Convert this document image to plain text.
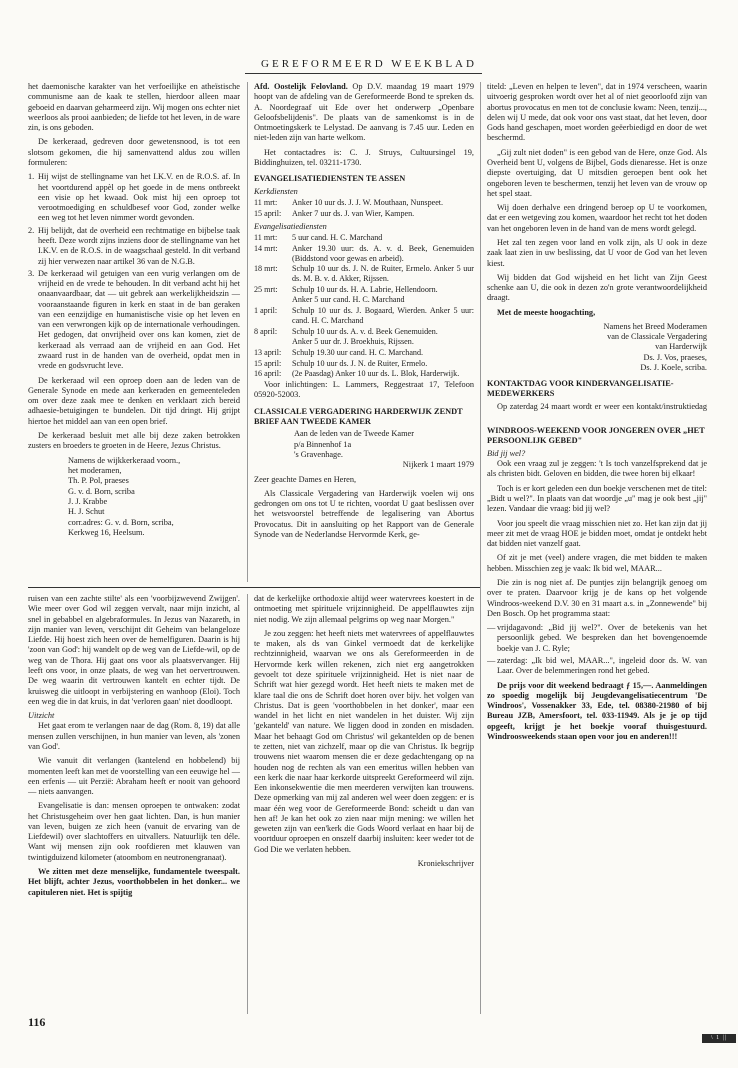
GEREFORMEERD WEEKBLAD

het daemonische karakter van het verfoeilijke en atheïstische communisme aan de kaak te stellen, hierdoor alleen maar geboeid en daarvan geharmeerd zijn. Wij mogen ons echter niet weerloos als prooi aanbieden; de liefde tot het leven, in de ware zin, is ons geboden.

De kerkeraad, gedreven door gewetensnood, is tot een slotsom gekomen, die hij samenvattend aldus zou willen formuleren:

1. Hij wijst de stellingname van het I.K.V. en de R.O.S. af. In het voortdurend appèl op het goede in de mens ontbreekt een visie op het kwaad. Ook mist hij een oproep tot verootmoediging en schuldbesef voor God, zonder welke een weg tot het leven nimmer wordt gevonden.
2. Hij belijdt, dat de overheid een rechtmatige en bijbelse taak heeft. Deze wordt zijns inziens door de stellingname van het I.K.V. en de R.O.S. in de waagschaal gesteld. In dit verband zij hier verwezen naar artikel 36 van de N.G.B.
3. De kerkeraad wil getuigen van een vurig verlangen om de vrijheid en de vrede te behouden. In dit verband acht hij het onaanvaardbaar, dat — uit gebrek aan werkelijkheidszin — vooraanstaande figuren in kerk en staat in de ban geraken van een eenzijdige en humanistische visie op het leven en van een verwrongen kijk op de internationale verhoudingen. Het gedogen, dat onvrijheid over ons kan komen, ziet de kerkeraad als verraad aan de vrijheid en aan God. Het zwaard rust in de handen van de overheid, opdat men in vrede en godsvrucht leve.

De kerkeraad wil een oproep doen aan de leden van de Generale Synode en mede aan kerkeraden en gemeenteleden om over deze zaak mee te denken en verklaart zich bereid adhaesie-betuigingen te bundelen. Dit tijd dringt. Hij grijpt hiertoe het middel aan van een open brief.

De kerkeraad besluit met alle bij deze zaken betrokken zusters en broeders te groeten in de Heere, Jezus Christus.

Namens de wijkkerkeraad voorn.,
het moderamen,
Th. P. Pol, praeses
G. v. d. Born, scriba
J. J. Krabbe
H. J. Schut
corr.adres: G. v. d. Born, scriba,
Kerkweg 16, Heelsum.

Afd. Oostelijk Felovland. Op D.V. maandag 19 maart 1979 hoopt van de afdeling van de Gereformeerde Bond te spreken ds. A. Noordegraaf uit Ede over het onderwerp „Openbare Geloofsbelijdenis". De plaats van de samenkomst is in de Ontmoetingskerk te Lelystad. De aanvang is 7.45 uur. Leden en niet-leden zijn van harte welkom.

Het contactadres is: C. J. Struys, Cultuursingel 19, Biddinghuizen, tel. 03211-1730.

EVANGELISATIEDIENSTEN TE ASSEN
Kerkdiensten
11 mrt:	Anker 10 uur ds. J. J. W. Mouthaan, Nunspeet.
15 april:	Anker 7 uur ds. J. van Wier, Kampen.
Evangelisatiediensten
11 mrt:	5 uur cand. H. C. Marchand
14 mrt:	Anker 19.30 uur: ds. A. v. d. Beek, Genemuiden (Biddstond voor gewas en arbeid).
18 mrt:	Schulp 10 uur ds. J. N. de Ruiter, Ermelo. Anker 5 uur ds. M. B. v. d. Akker, Rijssen.
25 mrt:	Schulp 10 uur ds. H. A. Labrie, Hellendoorn.
	Anker 5 uur cand. H. C. Marchand
1 april:	Schulp 10 uur ds. J. Bogaard, Wierden. Anker 5 uur: cand. H. C. Marchand
8 april:	Schulp 10 uur ds. A. v. d. Beek Genemuiden.
	Anker 5 uur dr. J. Broekhuis, Rijssen.
13 april:	Schulp 19.30 uur cand. H. C. Marchand.
15 april:	Schulp 10 uur ds. J. N. de Ruiter, Ermelo.
16 april:	(2e Paasdag) Anker 10 uur ds. L. Blok, Harderwijk.

Voor inlichtingen: L. Lammers, Reggestraat 17, Telefoon 05920-52003.

CLASSICALE VERGADERING HARDERWIJK ZENDT BRIEF AAN TWEEDE KAMER
Aan de leden van de Tweede Kamer
p/a Binnenhof 1a
's Gravenhage.

Nijkerk 1 maart 1979

Zeer geachte Dames en Heren,

Als Classicale Vergadering van Harderwijk voelen wij ons gedrongen om ons tot U te richten, voordat U gaat beslissen over het wetsvoorstel betreffende de legalisering van Abortus Provocatus. Dit in aansluiting op het Rapport van de Generale Synode van de Nederlandse Hervormde Kerk, ge-

titeld: „Leven en helpen te leven", dat in 1974 verscheen, waarin uitvoerig gesproken wordt over het al of niet geoorloofd zijn van abortus provocatus en men tot de conclusie kwam: Neen, tenzij..., delen wij U mede, dat ook voor ons vast staat, dat het leven, door Gods hand geschapen, moet worden geëerbiedigd en door de wet beschermd.

„Gij zult niet doden" is een gebod van de Here, onze God. Als Overheid bent U, volgens de Bijbel, Gods dienaresse. Het is onze diepste overtuiging, dat U mitsdien geroepen bent ook het ongeboren leven te beschermen, tenzij het leven van de vrouw op het spel staat.

Wij doen derhalve een dringend beroep op U te voorkomen, dat er een wetgeving zou komen, waardoor het recht tot het doden van het ongeboren leven in de hand van de mens wordt gelegd.

Het zal ten zegen voor land en volk zijn, als U ook in deze zaak laat zien in uw beslissing, dat U voor de God van het leven kiest.

Wij bidden dat God wijsheid en het licht van Zijn Geest schenke aan U, die ook in dezen zo'n grote verantwoordelijkheid draagt.

Met de meeste hoogachting,

Namens het Breed Moderamen
van de Classicale Vergadering
van Harderwijk
Ds. J. Vos, praeses,
Ds. J. Koele, scriba.
KONTAKTDAG VOOR KINDERVANGELISATIE-MEDEWERKERS

Op zaterdag 24 maart wordt er weer een kontakt/instruktiedag

ruisen van een zachte stilte' als een 'voorbijzwevend Zwijgen'. Wie meer over God wil zeggen vervalt, naar mijn inzicht, al snel in gebabbel en algebraformules. In Jezus van Nazareth, in zijn manier van leven, verschijnt dit Geheim van belangeloze Liefde. Hij hoest zich heen over de hemelfiguren. Daarin is hij 'zoon van God': hij wandelt op de weg van de Liefde-wil, op de weg van de Thora. Hij gaat ons voor als plaatsvervanger. Hij leeft ons voor, in onze plaats, de weg van het oervertrouwen. De weg waarin dit vertrouwen kantelt en echter tijdt. De kruisweg die uitloopt in verbijstering en wanhoop (Eloi). Toch een weg die in dat kruis, in dat 'verloren gaan' niet doodloopt.

Uitzicht

Het gaat erom te verlangen naar de dag (Rom. 8, 19) dat alle mensen zullen verschijnen, in hun manier van leven, als 'zonen van God'.

Wie vanuit dit verlangen (kantelend en hobbelend) bij momenten leeft kan met de voorstelling van een eeuwige hel — een erfenis — uit Perzië: Abraham heeft er nooit van gehoord — niets aanvangen.

Evangelisatie is dan: mensen oproepen te ontwaken: zodat het Christusgeheim over hen gaat lichten. Dan, is hun manier van leven, buigen ze zich heen (vanuit de ervaring van de Liefdewil) over slachtoffers en uitvallers. Natuurlijk ten déle. Want wij mensen zijn ook roofdieren met klauwen van twintigduizend kilometer (atoombom en neutronengranaat).

We zitten met deze menselijke, fundamentele tweespalt. Het blijft, achter Jezus, voorthobbelen in het donker... we capituleren niet. Het is spijtig

dat de kerkelijke orthodoxie altijd weer watervrees koestert in de ontmoeting met spirituele vrijzinnigheid. De appelflauwtes zijn niet nodig. We zijn allemaal pelgrims op weg naar Morgen."

Je zou zeggen: het heeft niets met watervrees of appelflauwtes te maken, als ds van Ginkel vermoedt dat de kerkelijke rechtzinnigheid, waarvan we ons als Gereformeerden in de Hervormde kerk willen rekenen, zich niet erg aangetrokken gevoelt tot deze spirituele vrijzinnigheid. Het is niet naar de Schrift wat hier gezegd wordt. Het heeft niets te maken met de klare taal die ons de Schrift doet horen over bijv. het volgen van Christus. Dat is geen 'voorthobbelen in het donker', maar een wandel in het licht en niet wandelen in het duister. Wij zijn 'gekanteld' van nature. We liggen dood in zonden en misdaden. Maar het behaagt God om Christus' wil gekantelden op de benen te zetten, niet van zichzelf, maar op die van Christus. Ik begrijp trouwens niet waarom mensen die er deze gedachtengang op na houden nog de rechten als van een emeritus willen hebben van een kerk die naar haar kerkorde uitspreekt Gereformeerd wil zijn. Een inkonsekwentie die men meerderen verwijten kan trouwens. Deze opmerking van mij zal anderen wel weer doen zeggen: er is maar één weg voor de Gereformeerde Bond: scheidt u dan van hen af! Je kan het ook zo zien naar mijn mening: we willen het geweten zijn van een'kerk die Gods Woord verlaat en haar bij de voortduur oproepen en onszelf daarbij insluiten: keer weder tot de God Die we verlaten hebben.

Kroniekschrijver

WINDROOS-WEEKEND VOOR JONGEREN OVER „HET PERSOONLIJK GEBED"
Bid jij wel?

Ook een vraag zul je zeggen: 't Is toch vanzelfsprekend dat je als christen bidt. Geloven en bidden, die twee horen bij elkaar!

Toch is er kort geleden een dun boekje verschenen met de titel: „Bidt u wel?". In plaats van dat woordje „u" mag je ook best „jij" lezen. Vandaar die vraag: bid jij wel?

Voor jou speelt die vraag misschien niet zo. Het kan zijn dat jij meer zit met de vraag HOE je bidden moet, omdat je ontdekt hebt dat bidden niet vanzelf gaat.

Of zit je met (veel) andere vragen, die met bidden te maken hebben. Misschien zeg je vaak: Ik bid wel, MAAR...

Die zin is nog niet af. De puntjes zijn belangrijk genoeg om over te praten. Daarvoor krijg je de kans op het volgende Windroos-weekend D.V. 30 en 31 maart a.s. in „Zonnewende" bij Den Bosch. Op het programma staat:

— vrijdagavond: „Bid jij wel?". Over de betekenis van het persoonlijk gebed. We bespreken dan het bovengenoemde boekje van J. C. Ryle;
— zaterdag: „Ik bid wel, MAAR...", ingeleid door ds. W. van Laar. Over de belemmeringen rond het gebed.

De prijs voor dit weekend bedraagt ƒ 15,—. Aanmeldingen zo spoedig mogelijk bij Jeugdevangelisatiecentrum 'De Windroos', Vossenakker 33, Ede, tel. 08380-21980 of bij Bureau JZB, Amersfoort, tel. 033-11949. Als je je op tijd opgeeft, krijgt je het boekje vooraf thuisgestuurd. Windroosweekends staan open voor jou en anderen!!!

116
\ 1 ||
